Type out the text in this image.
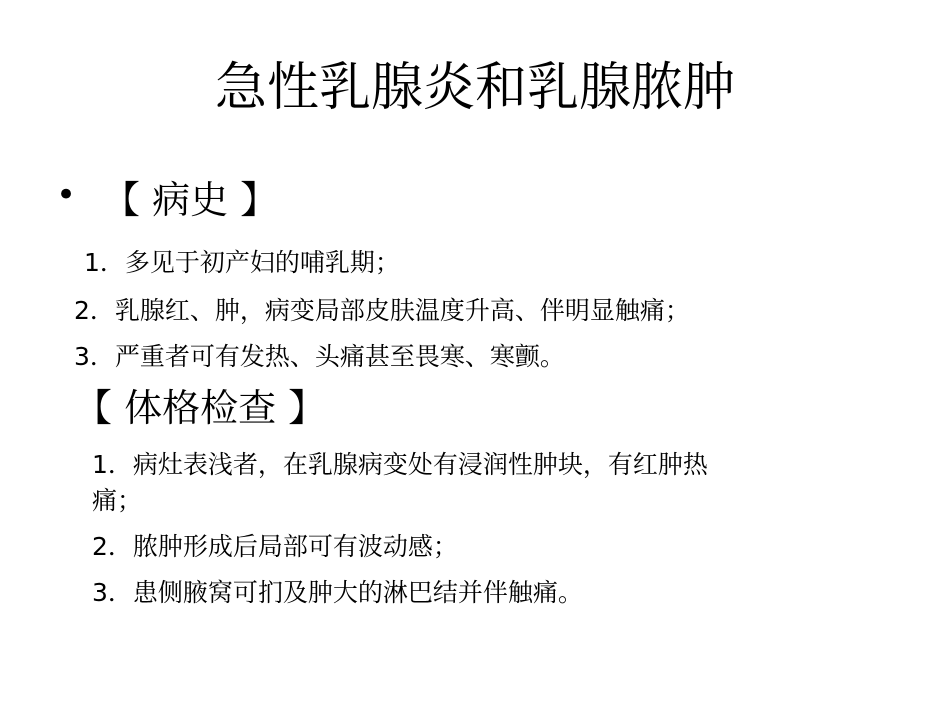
急性乳腺炎和乳腺脓肿
• 【 病史 】
1．多见于初产妇的哺乳期；
2．乳腺红、肿，病变局部皮肤温度升高、伴明显触痛；
3．严重者可有发热、头痛甚至畏寒、寒颤。
【 体格检查 】
1．病灶表浅者，在乳腺病变处有浸润性肿块，有红肿热
痛；
2．脓肿形成后局部可有波动感；
3．患侧腋窝可扪及肿大的淋巴结并伴触痛。
